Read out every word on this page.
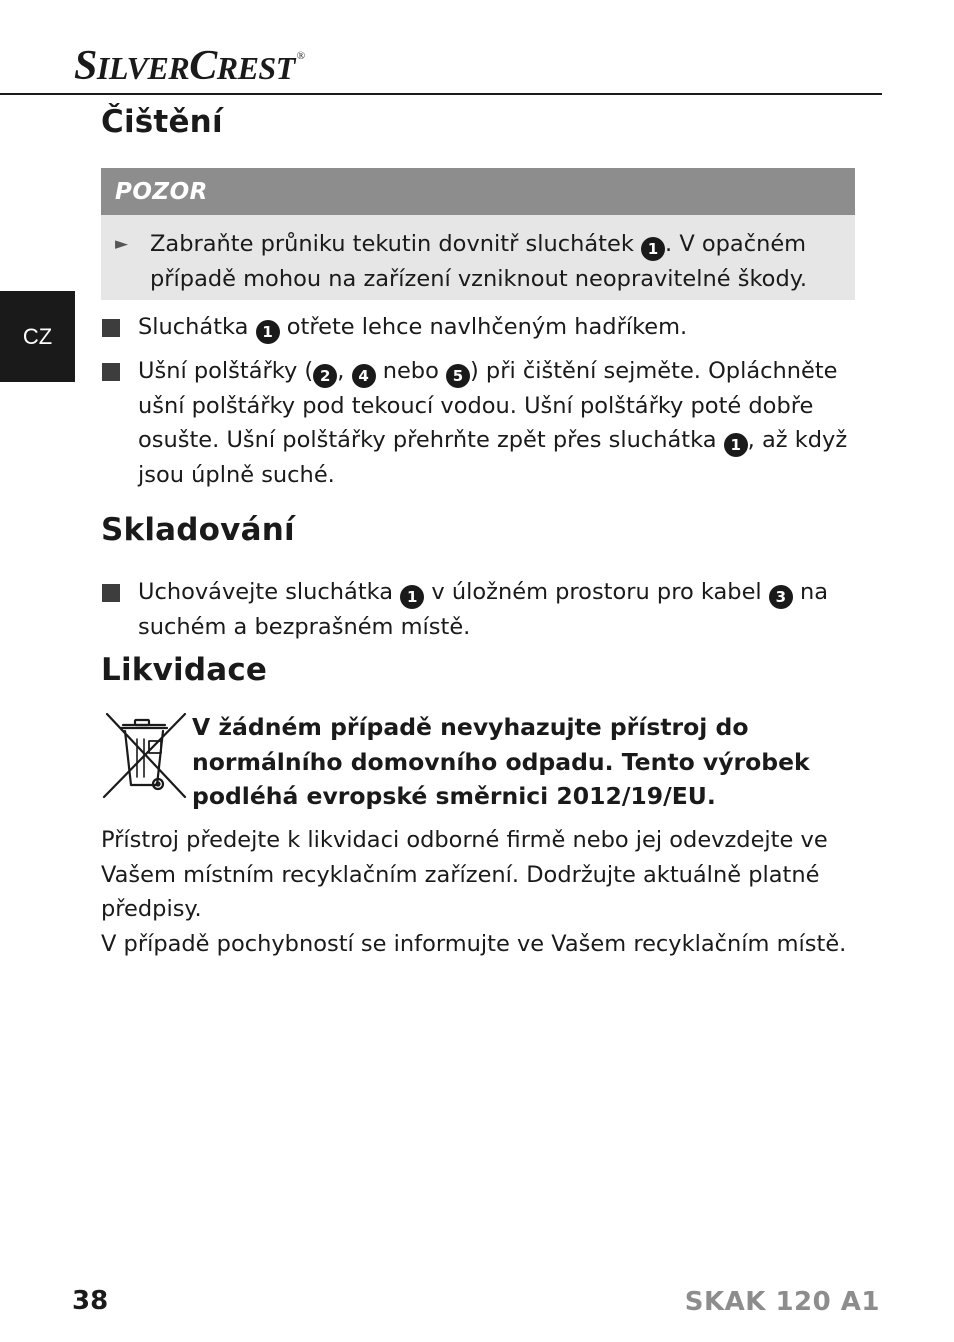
S ILVER C REST ®
CZ
Čištění
POZOR
► Zabraňte průniku tekutin dovnitř sluchátek 1 . V opačném případě mohou na zařízení vzniknout neopravitelné škody.
Sluchátka 1 otřete lehce navlhčeným hadříkem.
Ušní polštářky ( 2 , 4 nebo 5 ) při čištění sejměte. Opláchněte ušní polštářky pod tekoucí vodou. Ušní polštářky poté dobře osušte. Ušní polštářky přehrňte zpět přes sluchátka 1 , až když jsou úplně suché.
Skladování
Uchovávejte sluchátka 1 v úložném prostoru pro kabel 3 na suchém a bezprašném místě.
Likvidace
V žádném případě nevyhazujte přístroj do normálního domovního odpadu. Tento výrobek podléhá evropské směrnici 2012/19/EU.
Přístroj předejte k likvidaci odborné firmě nebo jej odevzdejte ve Vašem místním recyklačním zařízení. Dodržujte aktuálně platné předpisy.
V případě pochybností se informujte ve Vašem recyklačním místě.
38	SKAK 120 A1
